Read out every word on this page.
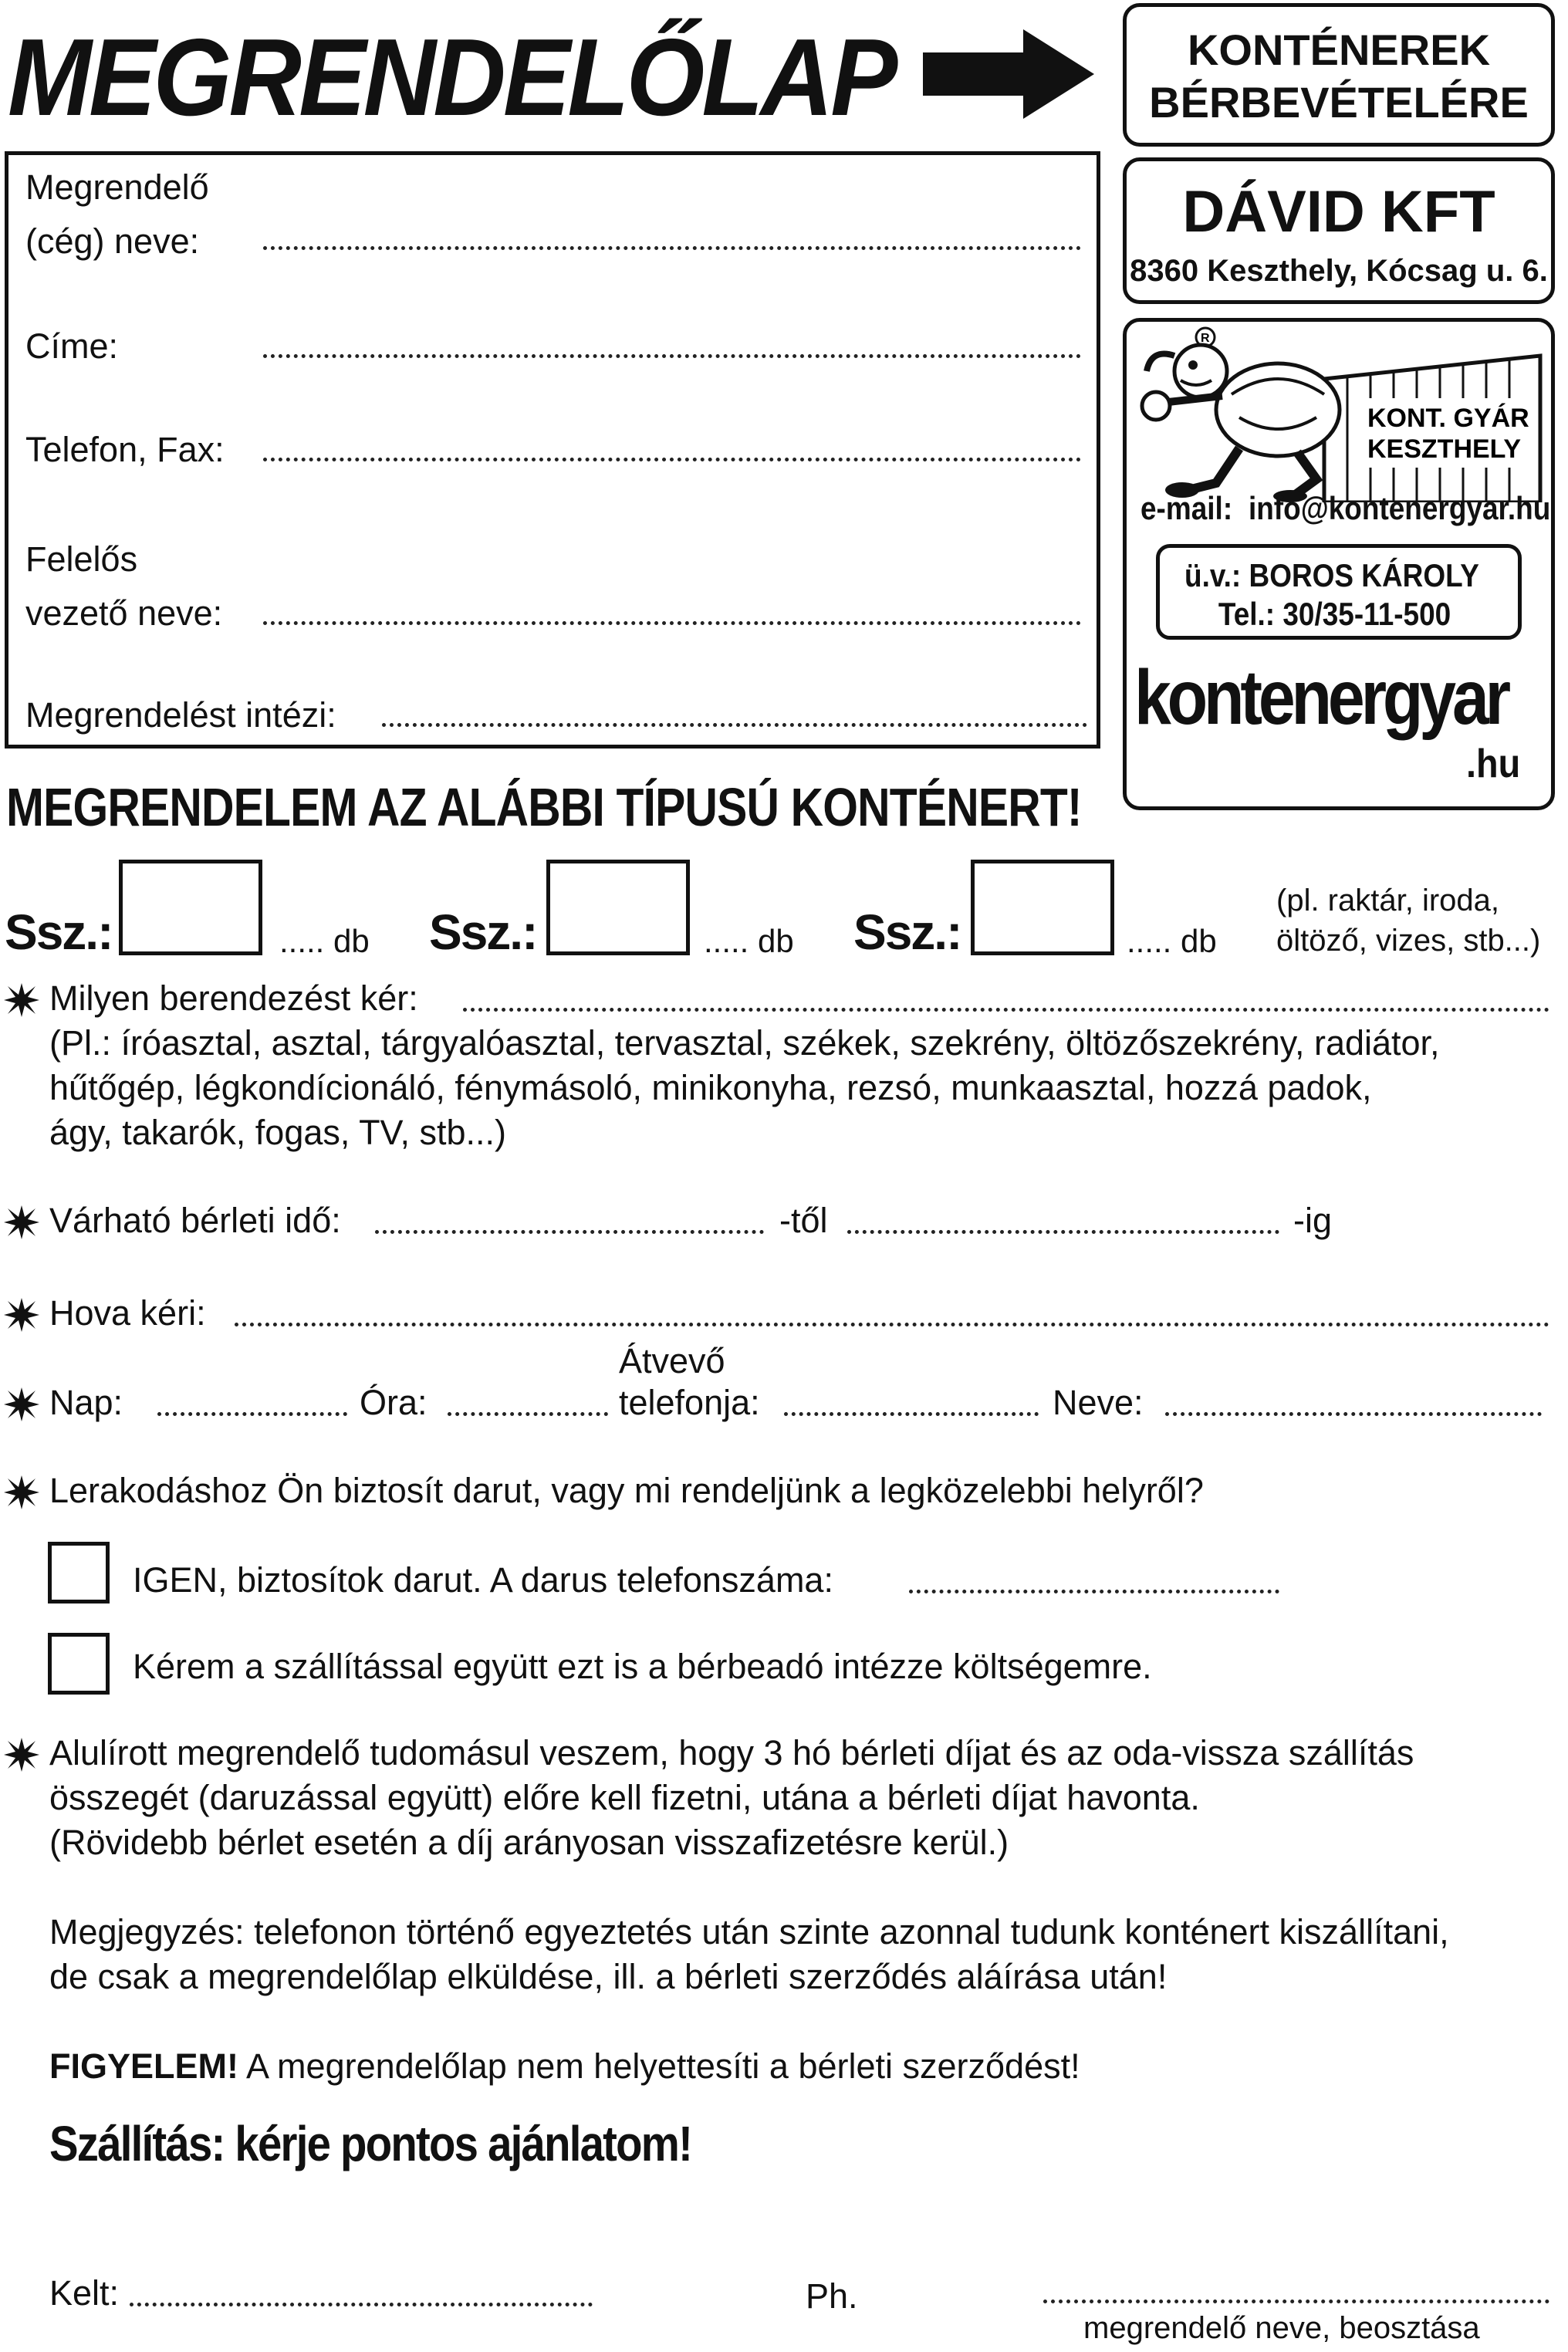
MEGRENDELŐLAP	KONTÉNEREK
BÉRBEVÉTELÉRE
DÁVID KFT
8360 Keszthely, Kócsag u. 6.
R
KONT. GYÁR
KESZTHELY
e-mail: info@kontenergyar.hu
ü.v.: BOROS KÁROLY
Tel.: 30/35-11-500
kontenergyar
.hu
Megrendelő
(cég) neve:
Címe:
Telefon, Fax:
Felelős
vezető neve:
Megrendelést intézi:
MEGRENDELEM AZ ALÁBBI TÍPUSÚ KONTÉNERT!
Ssz.:	..... db Ssz.:	..... db Ssz.:	..... db
(pl. raktár, iroda,
öltöző, vizes, stb...)
Milyen berendezést kér:
(Pl.: íróasztal, asztal, tárgyalóasztal, tervasztal, székek, szekrény, öltözőszekrény, radiátor,
hűtőgép, légkondícionáló, fénymásoló, minikonyha, rezsó, munkaasztal, hozzá padok,
ágy, takarók, fogas, TV, stb...)
Várható bérleti idő:	-től	-ig
Hova kéri:
Átvevő
Nap:	Óra:	telefonja:	Neve:
Lerakodáshoz Ön biztosít darut, vagy mi rendeljünk a legközelebbi helyről?
IGEN, biztosítok darut. A darus telefonszáma:
Kérem a szállítással együtt ezt is a bérbeadó intézze költségemre.
Alulírott megrendelő tudomásul veszem, hogy 3 hó bérleti díjat és az oda-vissza szállítás
összegét (daruzással együtt) előre kell fizetni, utána a bérleti díjat havonta.
(Rövidebb bérlet esetén a díj arányosan visszafizetésre kerül.)
Megjegyzés: telefonon történő egyeztetés után szinte azonnal tudunk konténert kiszállítani,
de csak a megrendelőlap elküldése, ill. a bérleti szerződés aláírása után!
FIGYELEM! A megrendelőlap nem helyettesíti a bérleti szerződést!
Szállítás: kérje pontos ajánlatom!
Kelt:	Ph.
megrendelő neve, beosztása
